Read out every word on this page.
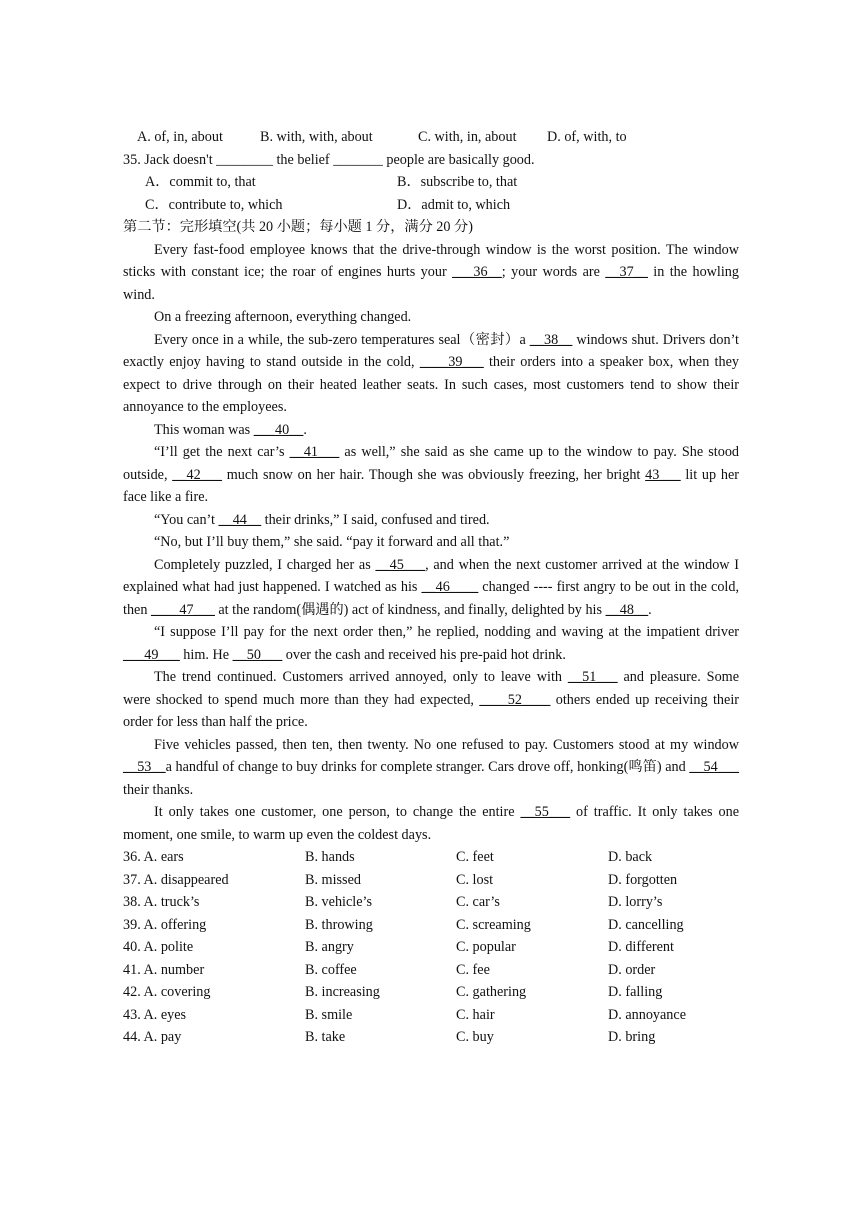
A. of, in, about	B. with, with, about	C. with, in, about D. of, with, to
35. Jack doesn't ________ the belief _______ people are basically good.
A．commit to, that	B．subscribe to, that
C．contribute to, which	D．admit to, which
第二节：完形填空(共 20 小题；每小题 1 分，满分 20 分)

Every fast-food employee knows that the drive-through window is the worst position. The window sticks with constant ice; the roar of engines hurts your ___36__; your words are __37__ in the howling wind.

On a freezing afternoon, everything changed.

Every once in a while, the sub-zero temperatures seal（密封）a __38__ windows shut. Drivers don’t exactly enjoy having to stand outside in the cold, ____39___ their orders into a speaker box, when they expect to drive through on their heated leather seats. In such cases, most customers tend to show their annoyance to the employees.

This woman was ___40__.

“I’ll get the next car’s __41___ as well,” she said as she came up to the window to pay. She stood outside, __42___ much snow on her hair. Though she was obviously freezing, her bright 43___ lit up her face like a fire.

“You can’t __44__ their drinks,” I said, confused and tired.

“No, but I’ll buy them,” she said. “pay it forward and all that.”

Completely puzzled, I charged her as __45___, and when the next customer arrived at the window I explained what had just happened. I watched as his __46____ changed ---- first angry to be out in the cold, then ____47___ at the random(偶遇的) act of kindness, and finally, delighted by his __48__.

“I suppose I’ll pay for the next order then,” he replied, nodding and waving at the impatient driver ___49___ him. He __50___ over the cash and received his pre-paid hot drink.

The trend continued. Customers arrived annoyed, only to leave with __51___ and pleasure. Some were shocked to spend much more than they had expected, ____52____ others ended up receiving their order for less than half the price.

Five vehicles passed, then ten, then twenty. No one refused to pay. Customers stood at my window __53__a handful of change to buy drinks for complete stranger. Cars drove off, honking(鸣笛) and __54___ their thanks.

It only takes one customer, one person, to change the entire __55___ of traffic. It only takes one moment, one smile, to warm up even the coldest days.

36. A. ears	B. hands	C. feet	D. back
37. A. disappeared	B. missed	C. lost	D. forgotten
38. A. truck’s	B. vehicle’s	C. car’s	D. lorry’s
39. A. offering	B. throwing	C. screaming	D. cancelling
40. A. polite	B. angry	C. popular	D. different
41. A. number	B. coffee	C. fee	D. order
42. A. covering	B. increasing	C. gathering	D. falling
43. A. eyes	B. smile	C. hair	D. annoyance
44. A. pay	B. take	C. buy	D. bring
